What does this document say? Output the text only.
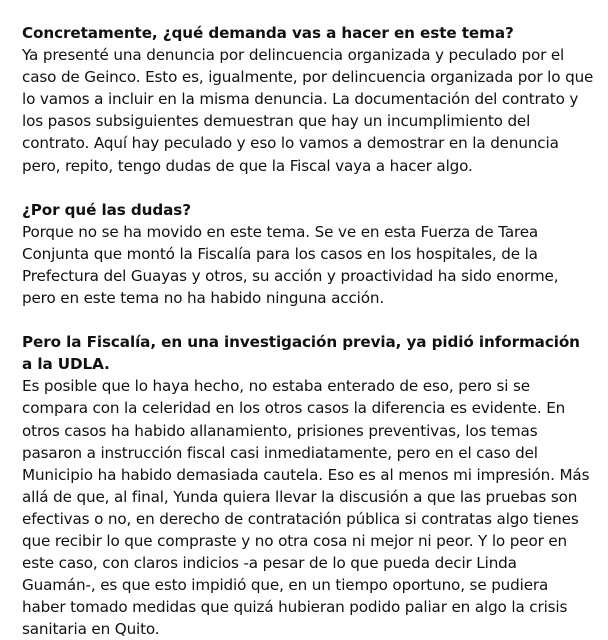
Concretamente, ¿qué demanda vas a hacer en este tema?

Ya presenté una denuncia por delincuencia organizada y peculado por el caso de Geinco. Esto es, igualmente, por delincuencia organizada por lo que lo vamos a incluir en la misma denuncia. La documentación del contrato y los pasos subsiguientes demuestran que hay un incumplimiento del contrato. Aquí hay peculado y eso lo vamos a demostrar en la denuncia pero, repito, tengo dudas de que la Fiscal vaya a hacer algo.

¿Por qué las dudas?

Porque no se ha movido en este tema. Se ve en esta Fuerza de Tarea Conjunta que montó la Fiscalía para los casos en los hospitales, de la Prefectura del Guayas y otros, su acción y proactividad ha sido enorme, pero en este tema no ha habido ninguna acción.

Pero la Fiscalía, en una investigación previa, ya pidió información a la UDLA.

Es posible que lo haya hecho, no estaba enterado de eso, pero si se compara con la celeridad en los otros casos la diferencia es evidente. En otros casos ha habido allanamiento, prisiones preventivas, los temas pasaron a instrucción fiscal casi inmediatamente, pero en el caso del Municipio ha habido demasiada cautela. Eso es al menos mi impresión. Más allá de que, al final, Yunda quiera llevar la discusión a que las pruebas son efectivas o no, en derecho de contratación pública si contratas algo tienes que recibir lo que compraste y no otra cosa ni mejor ni peor. Y lo peor en este caso, con claros indicios -a pesar de lo que pueda decir Linda Guamán-, es que esto impidió que, en un tiempo oportuno, se pudiera haber tomado medidas que quizá hubieran podido paliar en algo la crisis sanitaria en Quito.
